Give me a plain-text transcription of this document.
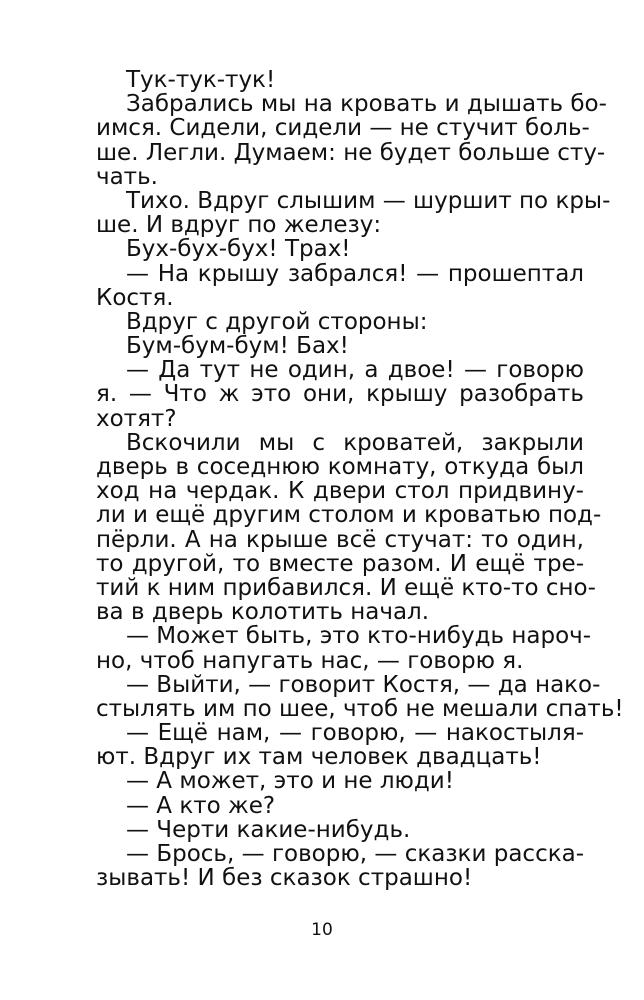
Тук-тук-тук!
Забрались мы на кровать и дышать бо-
имся. Сидели, сидели — не стучит боль-
ше. Легли. Думаем: не будет больше сту-
чать.
Тихо. Вдруг слышим — шуршит по кры-
ше. И вдруг по железу:
Бух-бух-бух! Трах!
— На крышу забрался! — прошептал
Костя.
Вдруг с другой стороны:
Бум-бум-бум! Бах!
— Да тут не один, а двое! — говорю
я. — Что ж это они, крышу разобрать
хотят?
Вскочили мы с кроватей, закрыли
дверь в соседнюю комнату, откуда был
ход на чердак. К двери стол придвину-
ли и ещё другим столом и кроватью под-
пёрли. А на крыше всё стучат: то один,
то другой, то вместе разом. И ещё тре-
тий к ним прибавился. И ещё кто-то сно-
ва в дверь колотить начал.
— Может быть, это кто-нибудь нароч-
но, чтоб напугать нас, — говорю я.
— Выйти, — говорит Костя, — да нако-
стылять им по шее, чтоб не мешали спать!
— Ещё нам, — говорю, — накостыля-
ют. Вдруг их там человек двадцать!
— А может, это и не люди!
— А кто же?
— Черти какие-нибудь.
— Брось, — говорю, — сказки расска-
зывать! И без сказок страшно!
10
